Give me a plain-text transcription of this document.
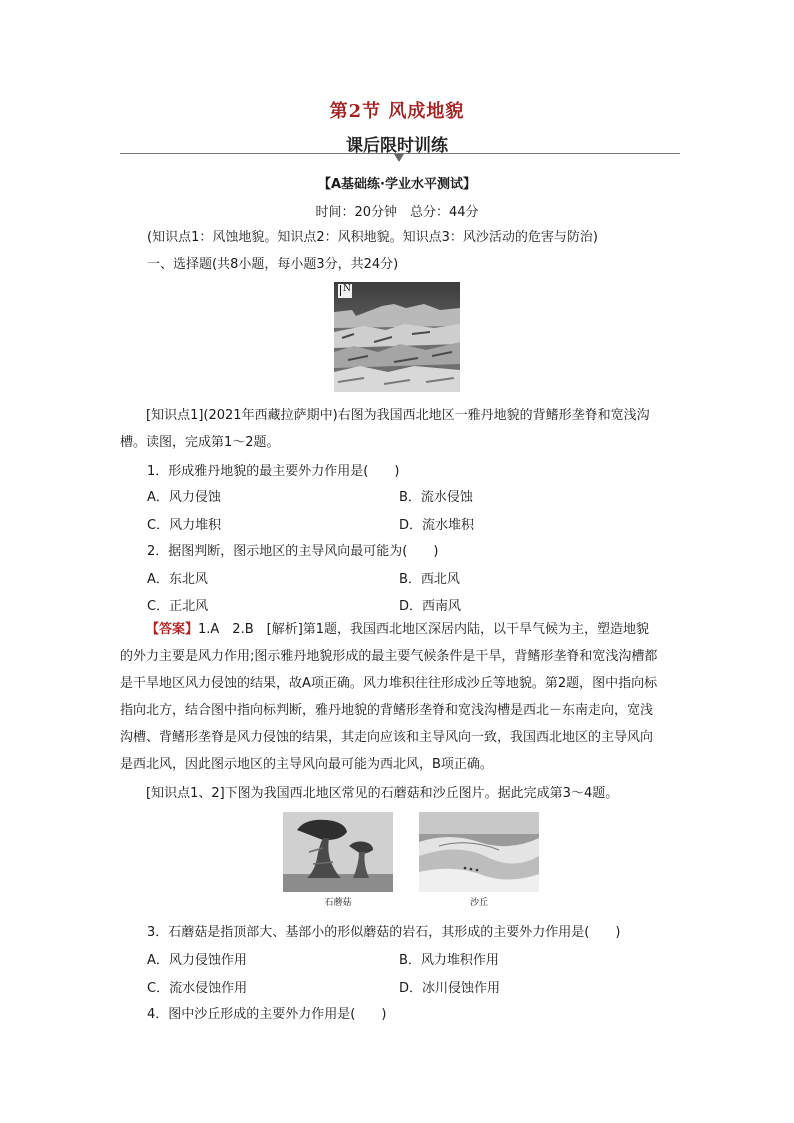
第2节 风成地貌
课后限时训练
【A基础练·学业水平测试】
时间：20分钟　总分：44分
(知识点1：风蚀地貌。知识点2：风积地貌。知识点3：风沙活动的危害与防治)
一、选择题(共8小题，每小题3分，共24分)
N
[知识点1](2021年西藏拉萨期中)右图为我国西北地区一雅丹地貌的背鳍形垄脊和宽浅沟槽。读图，完成第1～2题。
1．形成雅丹地貌的最主要外力作用是(　　)
A．风力侵蚀	B．流水侵蚀
C．风力堆积	D．流水堆积
2．据图判断，图示地区的主导风向最可能为(　　)
A．东北风	B．西北风
C．正北风	D．西南风
【答案】1.A　2.B　[解析]第1题，我国西北地区深居内陆，以干旱气候为主，塑造地貌的外力主要是风力作用;图示雅丹地貌形成的最主要气候条件是干旱，背鳍形垄脊和宽浅沟槽都是干旱地区风力侵蚀的结果，故A项正确。风力堆积往往形成沙丘等地貌。第2题，图中指向标指向北方，结合图中指向标判断，雅丹地貌的背鳍形垄脊和宽浅沟槽是西北－东南走向，宽浅沟槽、背鳍形垄脊是风力侵蚀的结果，其走向应该和主导风向一致，我国西北地区的主导风向是西北风，因此图示地区的主导风向最可能为西北风，B项正确。
[知识点1、2]下图为我国西北地区常见的石蘑菇和沙丘图片。据此完成第3～4题。
石蘑菇	沙丘
3．石蘑菇是指顶部大、基部小的形似蘑菇的岩石，其形成的主要外力作用是(　　)
A．风力侵蚀作用	B．风力堆积作用
C．流水侵蚀作用	D．冰川侵蚀作用
4．图中沙丘形成的主要外力作用是(　　)
